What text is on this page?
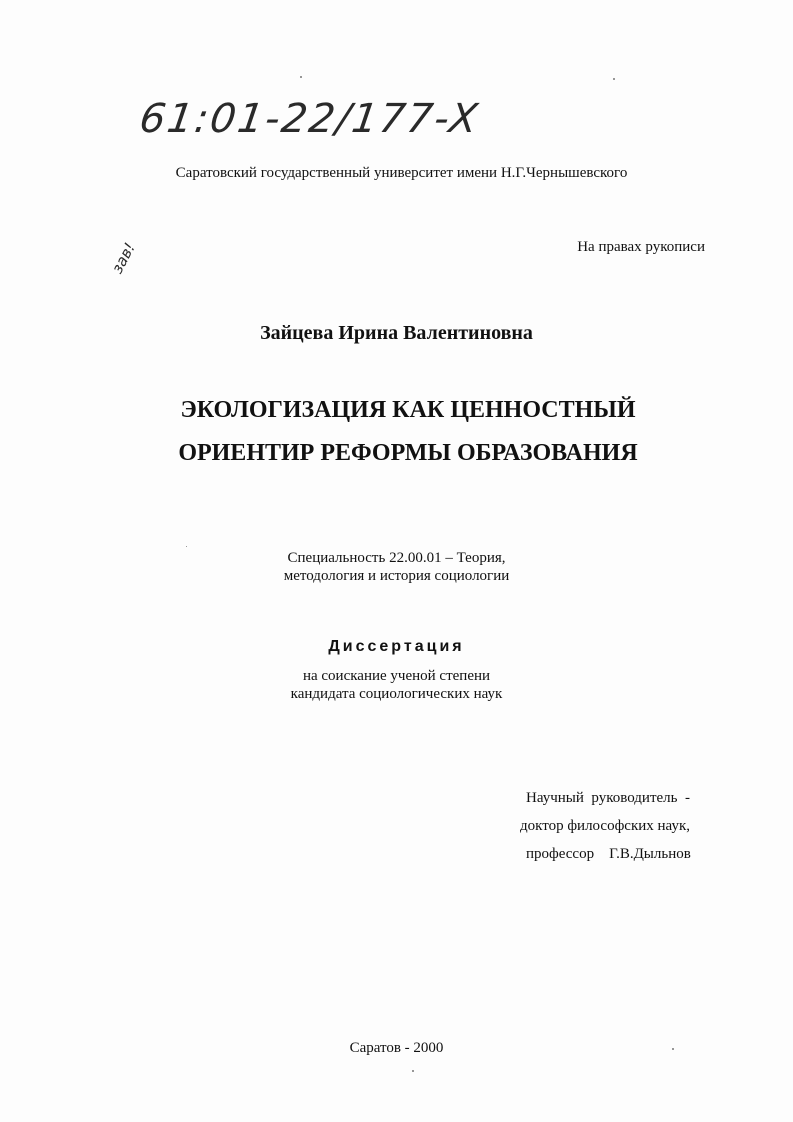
61:01-22/177-X
зав!

Саратовский государственный университет имени Н.Г.Чернышевского

На правах рукописи

Зайцева Ирина Валентиновна

ЭКОЛОГИЗАЦИЯ КАК ЦЕННОСТНЫЙ

ОРИЕНТИР РЕФОРМЫ ОБРАЗОВАНИЯ

Специальность 22.00.01 – Теория,

методология и история социологии

Диссертация

на соискание ученой степени

кандидата социологических наук

Научный  руководитель  -

доктор философских наук,

профессор    Г.В.Дыльнов

Саратов - 2000
